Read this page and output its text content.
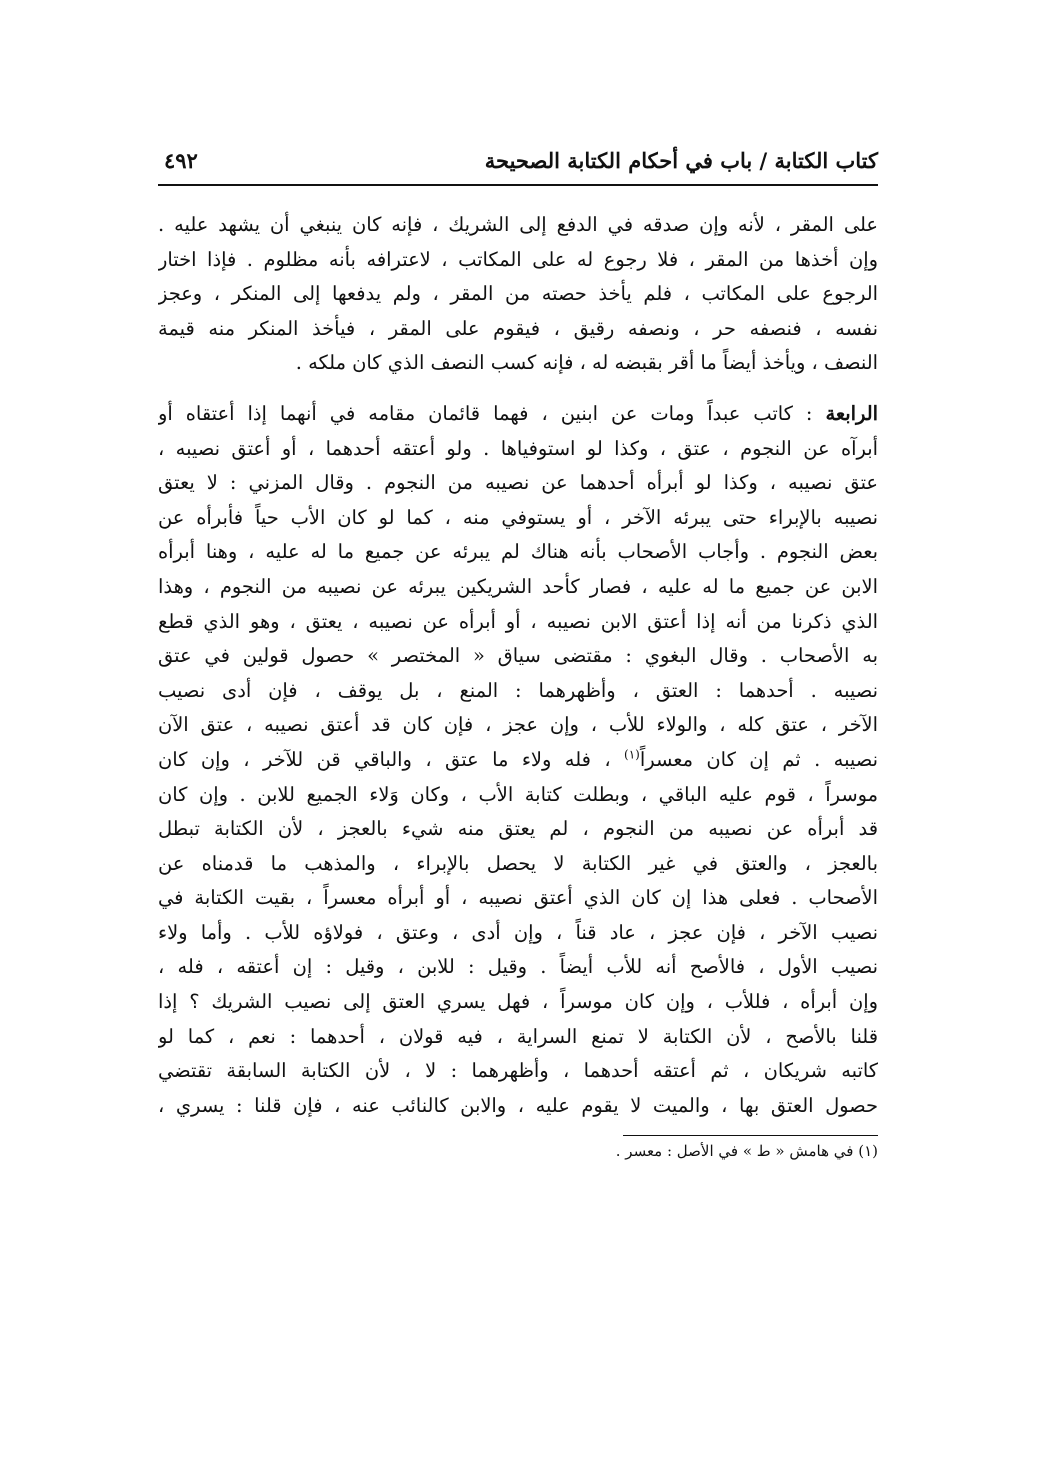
كتاب الكتابة / باب في أحكام الكتابة الصحيحة
٤٩٢

على المقر ، لأنه وإن صدقه في الدفع إلى الشريك ، فإنه كان ينبغي أن يشهد عليه .
وإن أخذها من المقر ، فلا رجوع له على المكاتب ، لاعترافه بأنه مظلوم . فإذا اختار
الرجوع على المكاتب ، فلم يأخذ حصته من المقر ، ولم يدفعها إلى المنكر ، وعجز
نفسه ، فنصفه حر ، ونصفه رقيق ، فيقوم على المقر ، فيأخذ المنكر منه قيمة
النصف ، ويأخذ أيضاً ما أقر بقبضه له ، فإنه كسب النصف الذي كان ملكه .

الرابعة : كاتب عبداً ومات عن ابنين ، فهما قائمان مقامه في أنهما إذا أعتقاه أو
أبرآه عن النجوم ، عتق ، وكذا لو استوفياها . ولو أعتقه أحدهما ، أو أعتق نصيبه ،
عتق نصيبه ، وكذا لو أبرأه أحدهما عن نصيبه من النجوم . وقال المزني : لا يعتق
نصيبه بالإبراء حتى يبرئه الآخر ، أو يستوفي منه ، كما لو كان الأب حياً فأبرأه عن
بعض النجوم . وأجاب الأصحاب بأنه هناك لم يبرئه عن جميع ما له عليه ، وهنا أبرأه
الابن عن جميع ما له عليه ، فصار كأحد الشريكين يبرئه عن نصيبه من النجوم ، وهذا
الذي ذكرنا من أنه إذا أعتق الابن نصيبه ، أو أبرأه عن نصيبه ، يعتق ، وهو الذي قطع
به الأصحاب . وقال البغوي : مقتضى سياق « المختصر » حصول قولين في عتق
نصيبه . أحدهما : العتق ، وأظهرهما : المنع ، بل يوقف ، فإن أدى نصيب
الآخر ، عتق كله ، والولاء للأب ، وإن عجز ، فإن كان قد أعتق نصيبه ، عتق الآن
نصيبه . ثم إن كان معسراً$^{(١)}$ ، فله ولاء ما عتق ، والباقي قن للآخر ، وإن كان
موسراً ، قوم عليه الباقي ، وبطلت كتابة الأب ، وكان وَلاء الجميع للابن . وإن كان
قد أبرأه عن نصيبه من النجوم ، لم يعتق منه شيء بالعجز ، لأن الكتابة تبطل
بالعجز ، والعتق في غير الكتابة لا يحصل بالإبراء ، والمذهب ما قدمناه عن
الأصحاب . فعلى هذا إن كان الذي أعتق نصيبه ، أو أبرأه معسراً ، بقيت الكتابة في
نصيب الآخر ، فإن عجز ، عاد قناً ، وإن أدى ، وعتق ، فولاؤه للأب . وأما ولاء
نصيب الأول ، فالأصح أنه للأب أيضاً . وقيل : للابن ، وقيل : إن أعتقه ، فله ،
وإن أبرأه ، فللأب ، وإن كان موسراً ، فهل يسري العتق إلى نصيب الشريك ؟ إذا
قلنا بالأصح ، لأن الكتابة لا تمنع السراية ، فيه قولان ، أحدهما : نعم ، كما لو
كاتبه شريكان ، ثم أعتقه أحدهما ، وأظهرهما : لا ، لأن الكتابة السابقة تقتضي
حصول العتق بها ، والميت لا يقوم عليه ، والابن كالنائب عنه ، فإن قلنا : يسري ،

(١) في هامش « ط » في الأصل : معسر .
